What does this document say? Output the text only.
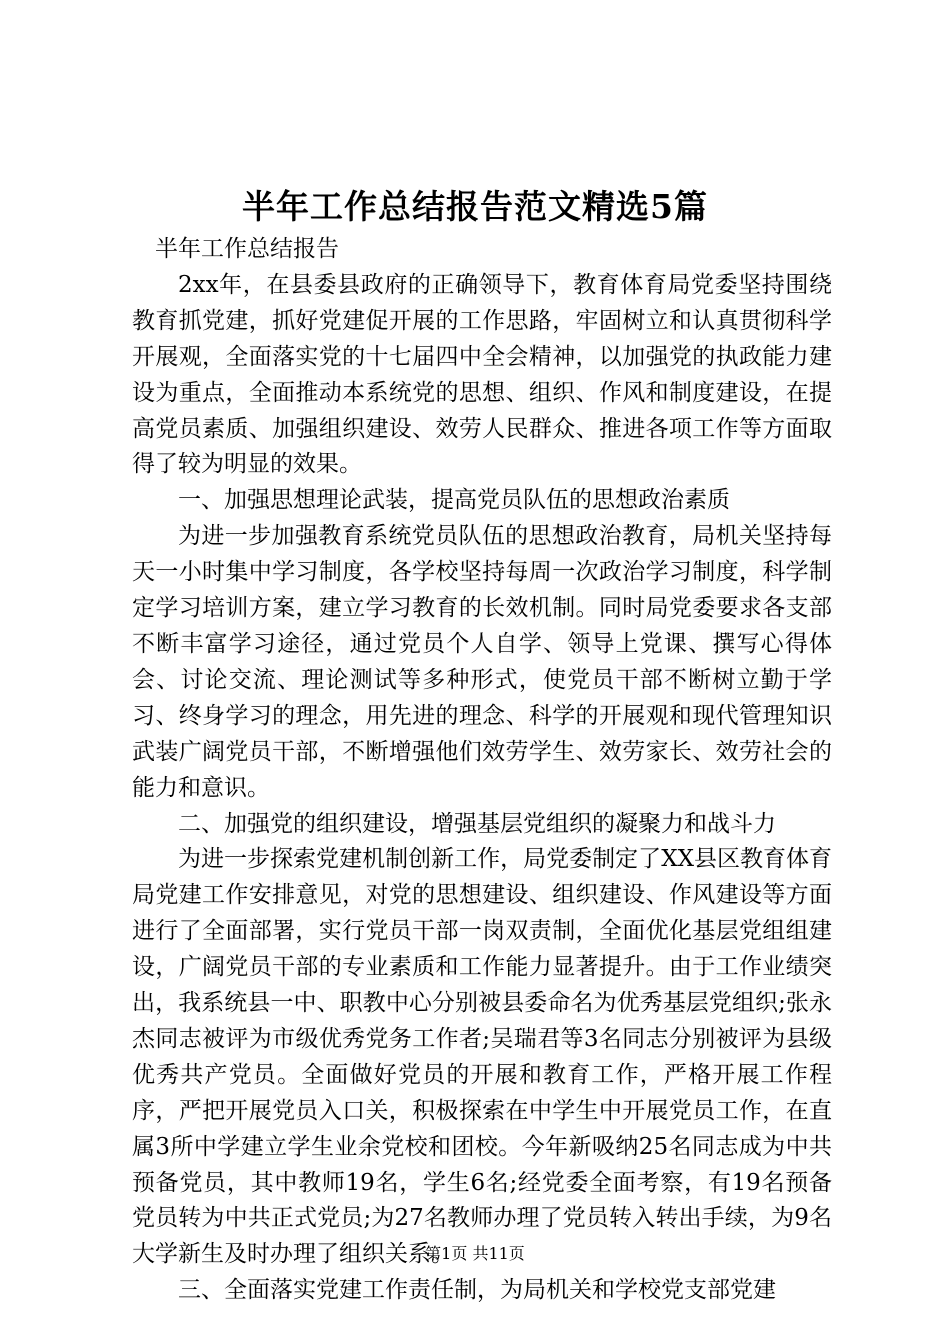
半年工作总结报告范文精选5篇

半年工作总结报告

2xx年，在县委县政府的正确领导下，教育体育局党委坚持围绕教育抓党建，抓好党建促开展的工作思路，牢固树立和认真贯彻科学开展观，全面落实党的十七届四中全会精神，以加强党的执政能力建设为重点，全面推动本系统党的思想、组织、作风和制度建设，在提高党员素质、加强组织建设、效劳人民群众、推进各项工作等方面取得了较为明显的效果。

一、加强思想理论武装，提高党员队伍的思想政治素质

为进一步加强教育系统党员队伍的思想政治教育，局机关坚持每天一小时集中学习制度，各学校坚持每周一次政治学习制度，科学制定学习培训方案，建立学习教育的长效机制。同时局党委要求各支部不断丰富学习途径，通过党员个人自学、领导上党课、撰写心得体会、讨论交流、理论测试等多种形式，使党员干部不断树立勤于学习、终身学习的理念，用先进的理念、科学的开展观和现代管理知识武装广阔党员干部，不断增强他们效劳学生、效劳家长、效劳社会的能力和意识。

二、加强党的组织建设，增强基层党组织的凝聚力和战斗力

为进一步探索党建机制创新工作，局党委制定了XX县区教育体育局党建工作安排意见，对党的思想建设、组织建设、作风建设等方面进行了全面部署，实行党员干部一岗双责制，全面优化基层党组组建设，广阔党员干部的专业素质和工作能力显著提升。由于工作业绩突出，我系统县一中、职教中心分别被县委命名为优秀基层党组织;张永杰同志被评为市级优秀党务工作者;吴瑞君等3名同志分别被评为县级优秀共产党员。全面做好党员的开展和教育工作，严格开展工作程序，严把开展党员入口关，积极探索在中学生中开展党员工作，在直属3所中学建立学生业余党校和团校。今年新吸纳25名同志成为中共预备党员，其中教师19名，学生6名;经党委全面考察，有19名预备党员转为中共正式党员;为27名教师办理了党员转入转出手续，为9名大学新生及时办理了组织关系。

三、全面落实党建工作责任制，为局机关和学校党支部党建

第1页 共11页
